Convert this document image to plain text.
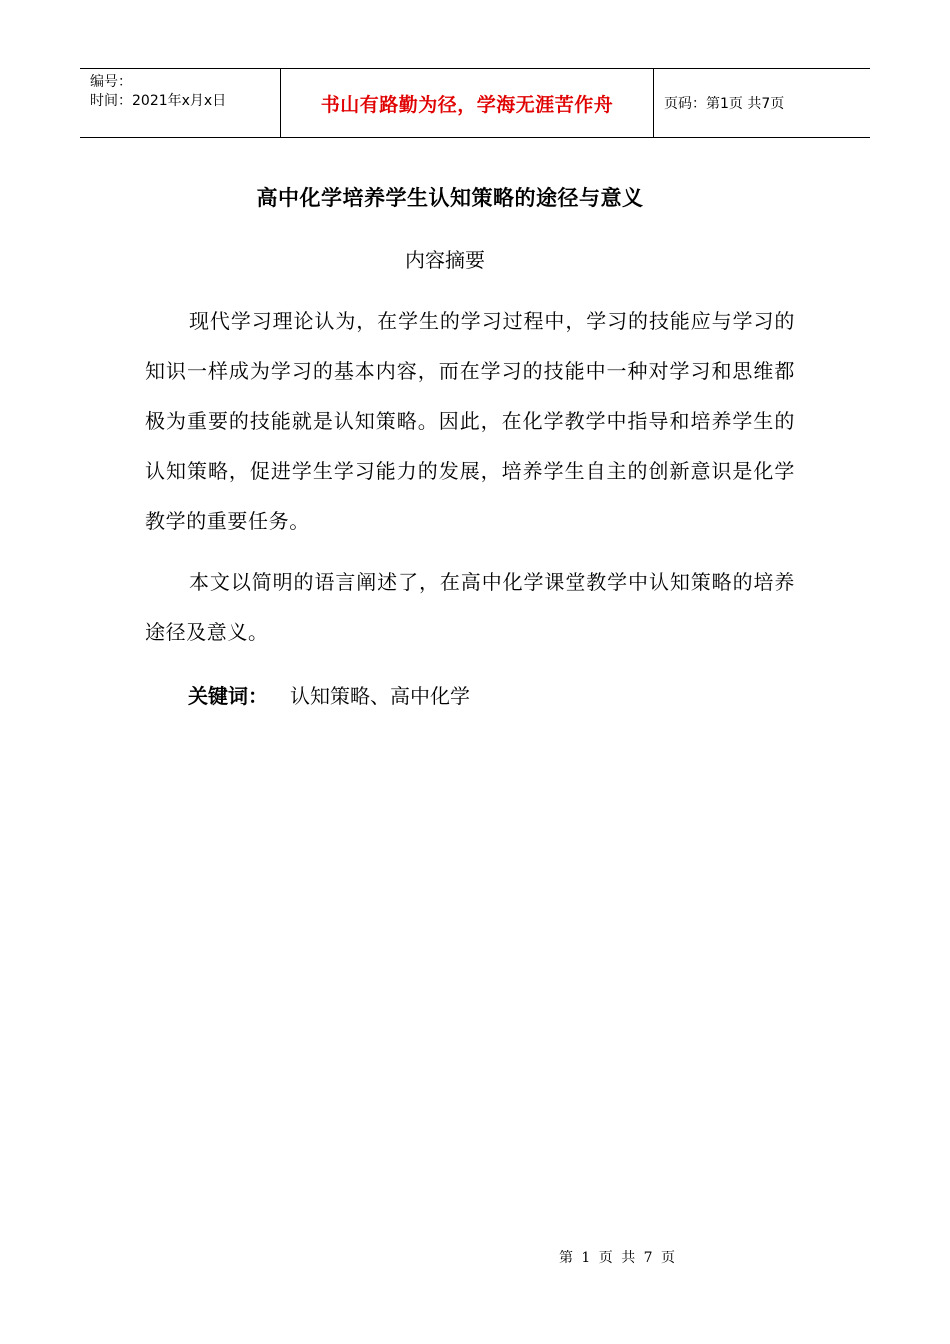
编号：
时间：2021年x月x日	书山有路勤为径，学海无涯苦作舟	页码：第1页 共7页
高中化学培养学生认知策略的途径与意义
内容摘要

现代学习理论认为，在学生的学习过程中，学习的技能应与学习的知识一样成为学习的基本内容，而在学习的技能中一种对学习和思维都极为重要的技能就是认知策略。因此，在化学教学中指导和培养学生的认知策略，促进学生学习能力的发展，培养学生自主的创新意识是化学教学的重要任务。

本文以简明的语言阐述了，在高中化学课堂教学中认知策略的培养途径及意义。

关键词： 认知策略、高中化学
第 1 页 共 7 页
